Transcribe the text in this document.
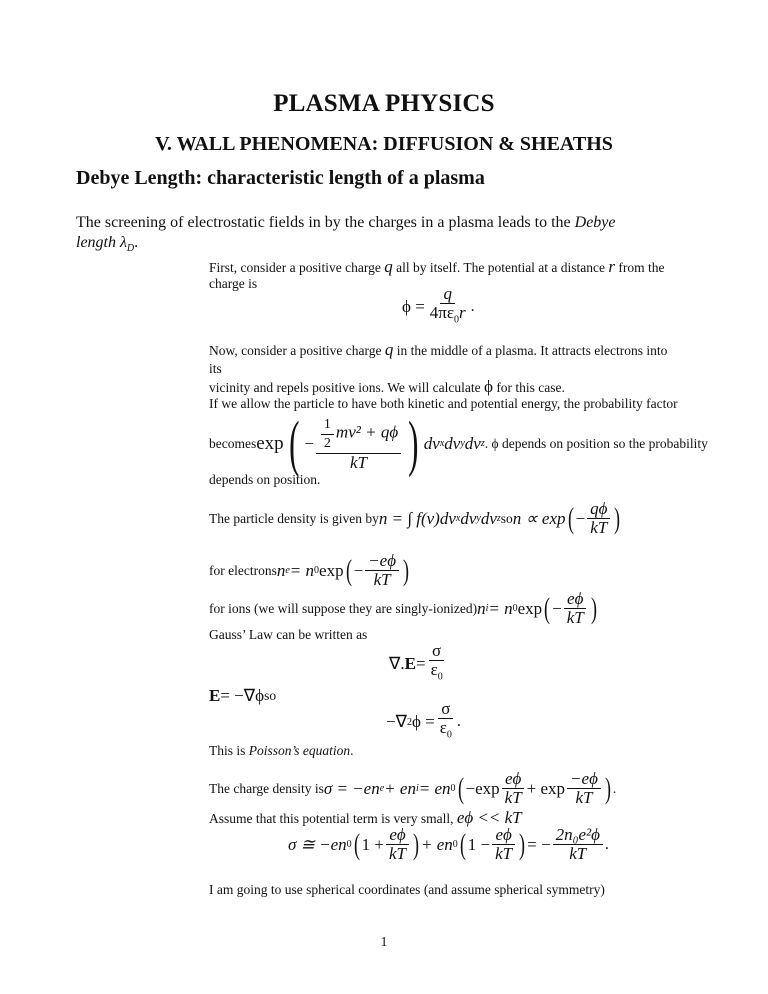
PLASMA PHYSICS
V. WALL PHENOMENA: DIFFUSION & SHEATHS
Debye Length: characteristic length of a plasma
The screening of electrostatic fields in by the charges in a plasma leads to the Debye
length $\lambda_D$.
First, consider a positive charge q all by itself. The potential at a distance r from the
charge is
$\phi = \frac{q}{4\pi\varepsilon_0r}$ .
Now, consider a positive charge q in the middle of a plasma. It attracts electrons into its
vicinity and repels positive ions. We will calculate ϕ for this case.
If we allow the particle to have both kinetic and potential energy, the probability factor
becomes exp ( − $\frac{\frac{1}{2} mv^2 + q\phi}{kT}$ ) dv x dv y dv z . ϕ depends on position so the probability
depends on position.
The particle density is given by n = ∫ f(v)dv x dv y dv z so n ∝ exp ( − $\frac{q\phi}{kT}$ )
for electrons n e = n 0 exp ( − $\frac{-e\phi}{kT}$ )
for ions (we will suppose they are singly-ionized) n i = n 0 exp ( − $\frac{e\phi}{kT}$ )
Gauss’ Law can be written as
∇. $E = \frac{\sigma}{\varepsilon_0}$
E = −∇ϕ so
−∇ 2 $\phi = \frac{\sigma}{\varepsilon_0}$ .
This is Poisson’s equation.
The charge density is σ = −en e + en i = en 0 ( $-\exp \frac{e\phi}{kT} + \exp \frac{-e\phi}{kT}$ ) .
Assume that this potential term is very small, eϕ << kT
σ ≅ −en 0 ( $1 + \frac{e\phi}{kT}$ ) + en 0 ( $1 - \frac{e\phi}{kT}$ ) = − $\frac{\text{2n₀e²ϕ}}{kT}$ .
I am going to use spherical coordinates (and assume spherical symmetry)
1
